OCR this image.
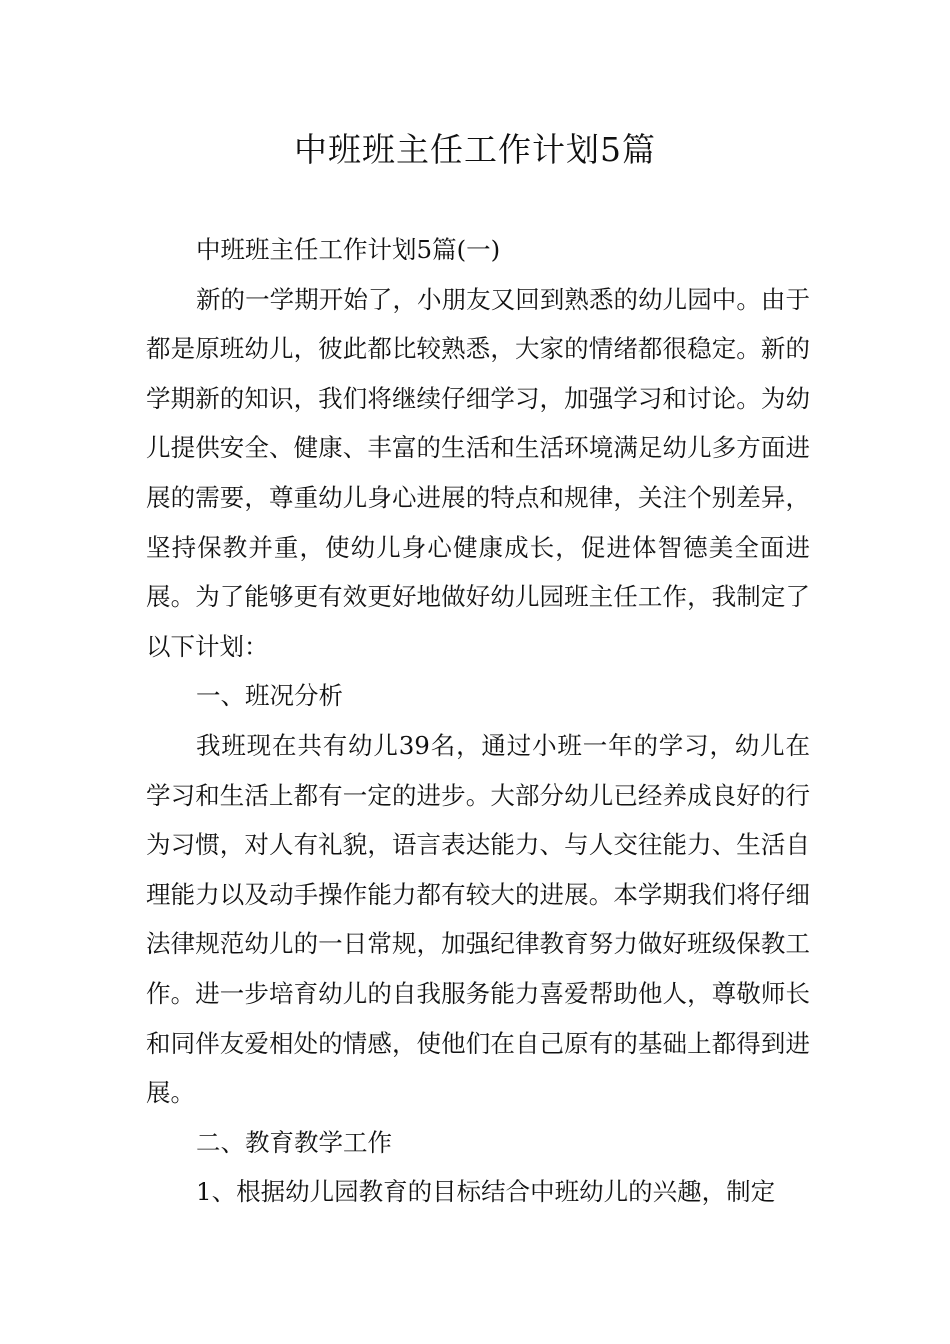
中班班主任工作计划5篇

中班班主任工作计划5篇(一)

新的一学期开始了，小朋友又回到熟悉的幼儿园中。由于都是原班幼儿，彼此都比较熟悉，大家的情绪都很稳定。新的学期新的知识，我们将继续仔细学习，加强学习和讨论。为幼儿提供安全、健康、丰富的生活和生活环境满足幼儿多方面进展的需要，尊重幼儿身心进展的特点和规律，关注个别差异，坚持保教并重，使幼儿身心健康成长，促进体智德美全面进展。为了能够更有效更好地做好幼儿园班主任工作，我制定了以下计划：

一、班况分析

我班现在共有幼儿39名，通过小班一年的学习，幼儿在学习和生活上都有一定的进步。大部分幼儿已经养成良好的行为习惯，对人有礼貌，语言表达能力、与人交往能力、生活自理能力以及动手操作能力都有较大的进展。本学期我们将仔细法律规范幼儿的一日常规，加强纪律教育努力做好班级保教工作。进一步培育幼儿的自我服务能力喜爱帮助他人，尊敬师长和同伴友爱相处的情感，使他们在自己原有的基础上都得到进展。

二、教育教学工作

1、根据幼儿园教育的目标结合中班幼儿的兴趣，制定
